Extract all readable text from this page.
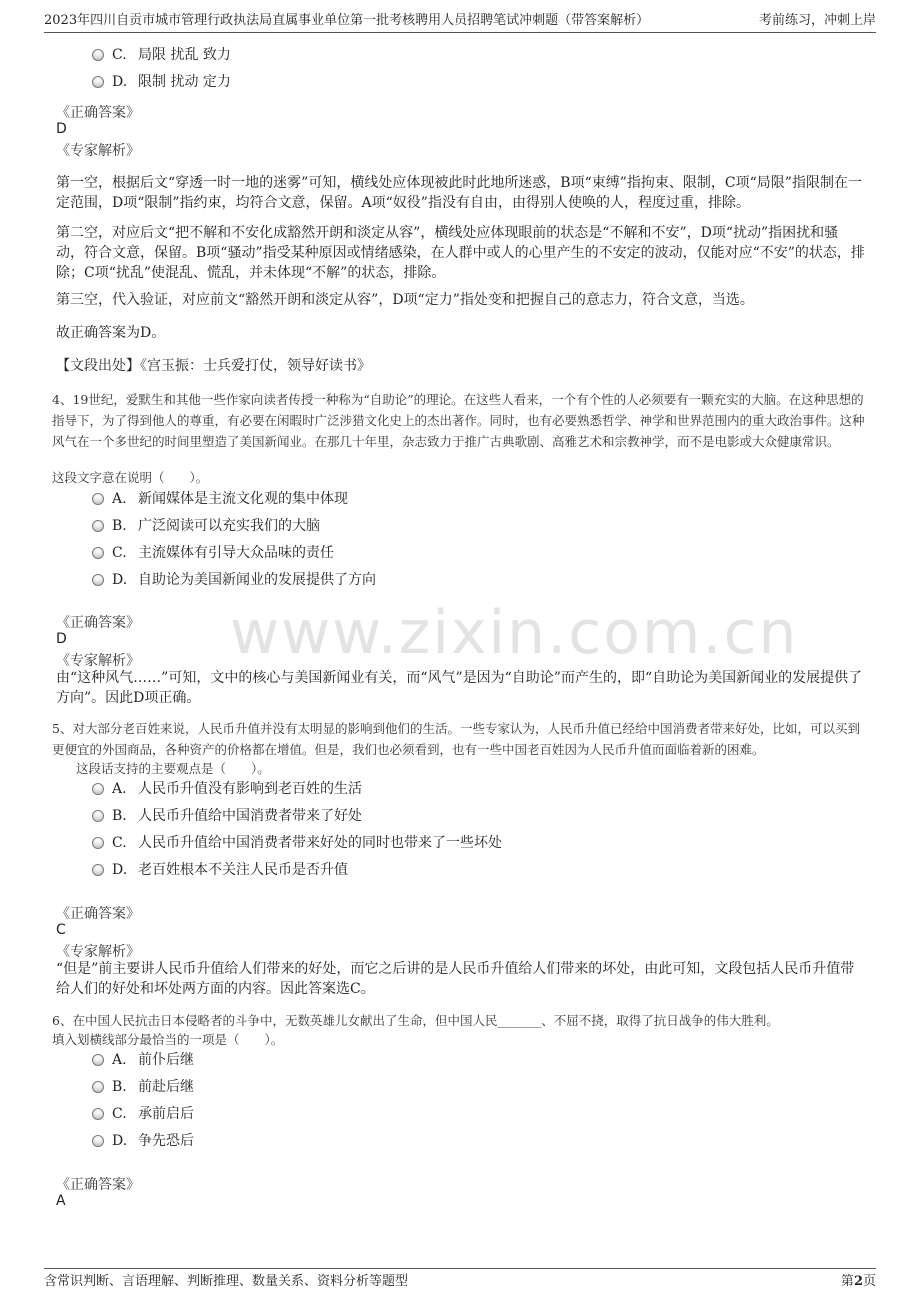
2023年四川自贡市城市管理行政执法局直属事业单位第一批考核聘用人员招聘笔试冲刺题（带答案解析）	考前练习，冲刺上岸
www.zixin.com.cn
C. 局限 扰乱 致力
D. 限制 扰动 定力
《正确答案》
D
《专家解析》
第一空，根据后文“穿透一时一地的迷雾”可知，横线处应体现被此时此地所迷惑，B项“束缚”指拘束、限制，C项“局限”指限制在一定范围，D项“限制”指约束，均符合文意，保留。A项“奴役”指没有自由，由得别人使唤的人，程度过重，排除。
第二空，对应后文“把不解和不安化成豁然开朗和淡定从容”，横线处应体现眼前的状态是“不解和不安”，D项“扰动”指困扰和骚动，符合文意，保留。B项“骚动”指受某种原因或情绪感染，在人群中或人的心里产生的不安定的波动，仅能对应“不安”的状态，排除；C项“扰乱”使混乱、慌乱，并未体现“不解”的状态，排除。
第三空，代入验证，对应前文“豁然开朗和淡定从容”，D项“定力”指处变和把握自己的意志力，符合文意，当选。
故正确答案为D。
【文段出处】《宫玉振：士兵爱打仗，领导好读书》
4、19世纪，爱默生和其他一些作家向读者传授一种称为“自助论”的理论。在这些人看来，一个有个性的人必须要有一颗充实的大脑。在这种思想的指导下，为了得到他人的尊重，有必要在闲暇时广泛涉猎文化史上的杰出著作。同时，也有必要熟悉哲学、神学和世界范围内的重大政治事件。这种风气在一个多世纪的时间里塑造了美国新闻业。在那几十年里，杂志致力于推广古典歌剧、高雅艺术和宗教神学，而不是电影或大众健康常识。
这段文字意在说明（　　）。
A. 新闻媒体是主流文化观的集中体现
B. 广泛阅读可以充实我们的大脑
C. 主流媒体有引导大众品味的责任
D. 自助论为美国新闻业的发展提供了方向
《正确答案》
D
《专家解析》
由“这种风气……”可知，文中的核心与美国新闻业有关，而“风气”是因为“自助论”而产生的，即“自助论为美国新闻业的发展提供了方向”。因此D项正确。
5、对大部分老百姓来说，人民币升值并没有太明显的影响到他们的生活。一些专家认为，人民币升值已经给中国消费者带来好处，比如，可以买到更便宜的外国商品，各种资产的价格都在增值。但是，我们也必须看到，也有一些中国老百姓因为人民币升值而面临着新的困难。
这段话支持的主要观点是（　　）。
A. 人民币升值没有影响到老百姓的生活
B. 人民币升值给中国消费者带来了好处
C. 人民币升值给中国消费者带来好处的同时也带来了一些坏处
D. 老百姓根本不关注人民币是否升值
《正确答案》
C
《专家解析》
“但是”前主要讲人民币升值给人们带来的好处，而它之后讲的是人民币升值给人们带来的坏处，由此可知，文段包括人民币升值带给人们的好处和坏处两方面的内容。因此答案选C。
6、在中国人民抗击日本侵略者的斗争中，无数英雄儿女献出了生命，但中国人民_______、不屈不挠，取得了抗日战争的伟大胜利。
填入划横线部分最恰当的一项是（　　）。
A. 前仆后继
B. 前赴后继
C. 承前启后
D. 争先恐后
《正确答案》
A
含常识判断、言语理解、判断推理、数量关系、资料分析等题型	第2页
